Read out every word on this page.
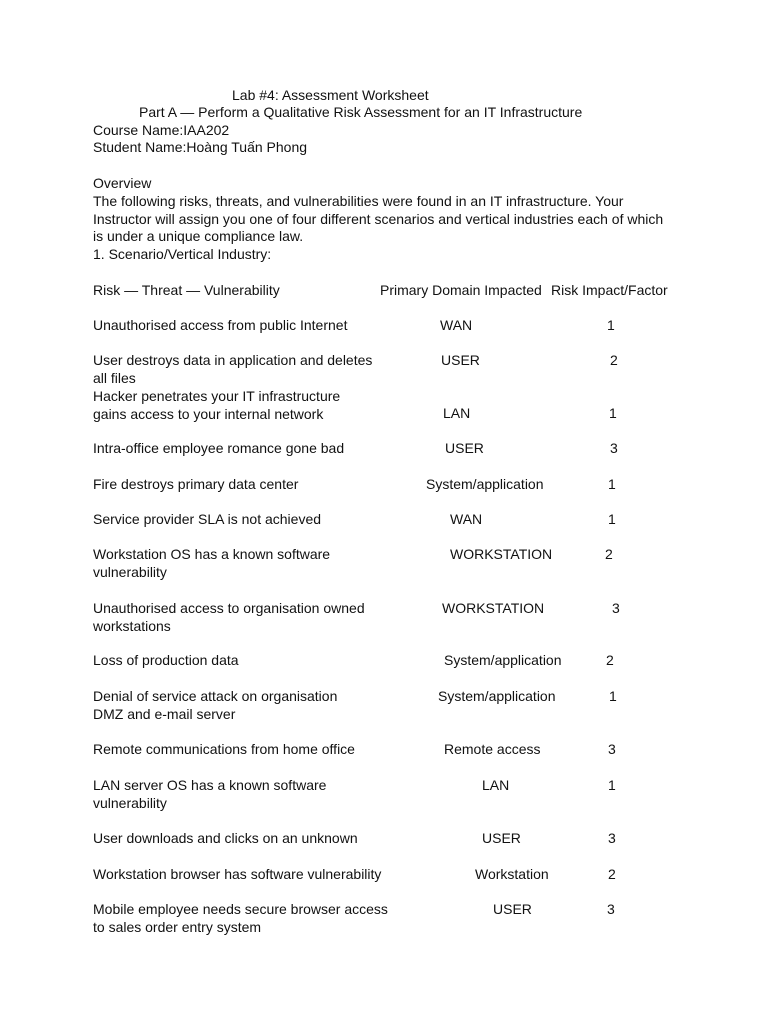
Lab #4: Assessment Worksheet
Part A — Perform a Qualitative Risk Assessment for an IT Infrastructure
Course Name:IAA202
Student Name:Hoàng Tuấn Phong
Overview
The following risks, threats, and vulnerabilities were found in an IT infrastructure. Your
Instructor will assign you one of four different scenarios and vertical industries each of which
is under a unique compliance law.
1. Scenario/Vertical Industry:
Risk — Threat — Vulnerability	Primary Domain Impacted Risk Impact/Factor
Unauthorised access from public Internet	WAN	1
User destroys data in application and deletes
all files
USER	2
Hacker penetrates your IT infrastructure
gains access to your internal network	LAN	1
Intra-office employee romance gone bad	USER	3
Fire destroys primary data center	System/application	1
Service provider SLA is not achieved	WAN	1
Workstation OS has a known software
vulnerability
WORKSTATION	2
Unauthorised access to organisation owned
workstations
WORKSTATION	3
Loss of production data	System/application	2
Denial of service attack on organisation
DMZ and e-mail server
System/application	1
Remote communications from home office	Remote access	3
LAN server OS has a known software
vulnerability
LAN	1
User downloads and clicks on an unknown	USER	3
Workstation browser has software vulnerability	Workstation	2
Mobile employee needs secure browser access
to sales order entry system
USER	3
